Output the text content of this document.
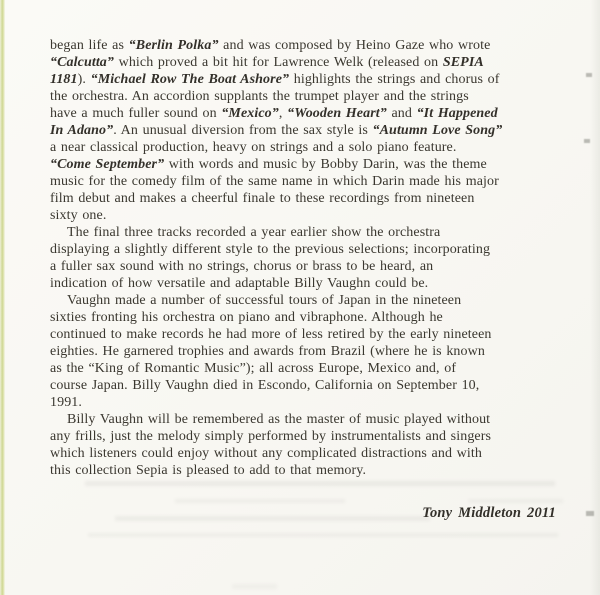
began life as “Berlin Polka” and was composed by Heino Gaze who wrote
“Calcutta” which proved a bit hit for Lawrence Welk (released on SEPIA
1181). “Michael Row The Boat Ashore” highlights the strings and chorus of
the orchestra. An accordion supplants the trumpet player and the strings
have a much fuller sound on “Mexico”, “Wooden Heart” and “It Happened
In Adano”. An unusual diversion from the sax style is “Autumn Love Song”
a near classical production, heavy on strings and a solo piano feature.
“Come September” with words and music by Bobby Darin, was the theme
music for the comedy film of the same name in which Darin made his major
film debut and makes a cheerful finale to these recordings from nineteen
sixty one.
The final three tracks recorded a year earlier show the orchestra
displaying a slightly different style to the previous selections; incorporating
a fuller sax sound with no strings, chorus or brass to be heard, an
indication of how versatile and adaptable Billy Vaughn could be.
Vaughn made a number of successful tours of Japan in the nineteen
sixties fronting his orchestra on piano and vibraphone. Although he
continued to make records he had more of less retired by the early nineteen
eighties. He garnered trophies and awards from Brazil (where he is known
as the “King of Romantic Music”); all across Europe, Mexico and, of
course Japan. Billy Vaughn died in Escondo, California on September 10,
1991.
Billy Vaughn will be remembered as the master of music played without
any frills, just the melody simply performed by instrumentalists and singers
which listeners could enjoy without any complicated distractions and with
this collection Sepia is pleased to add to that memory.
Tony Middleton 2011
